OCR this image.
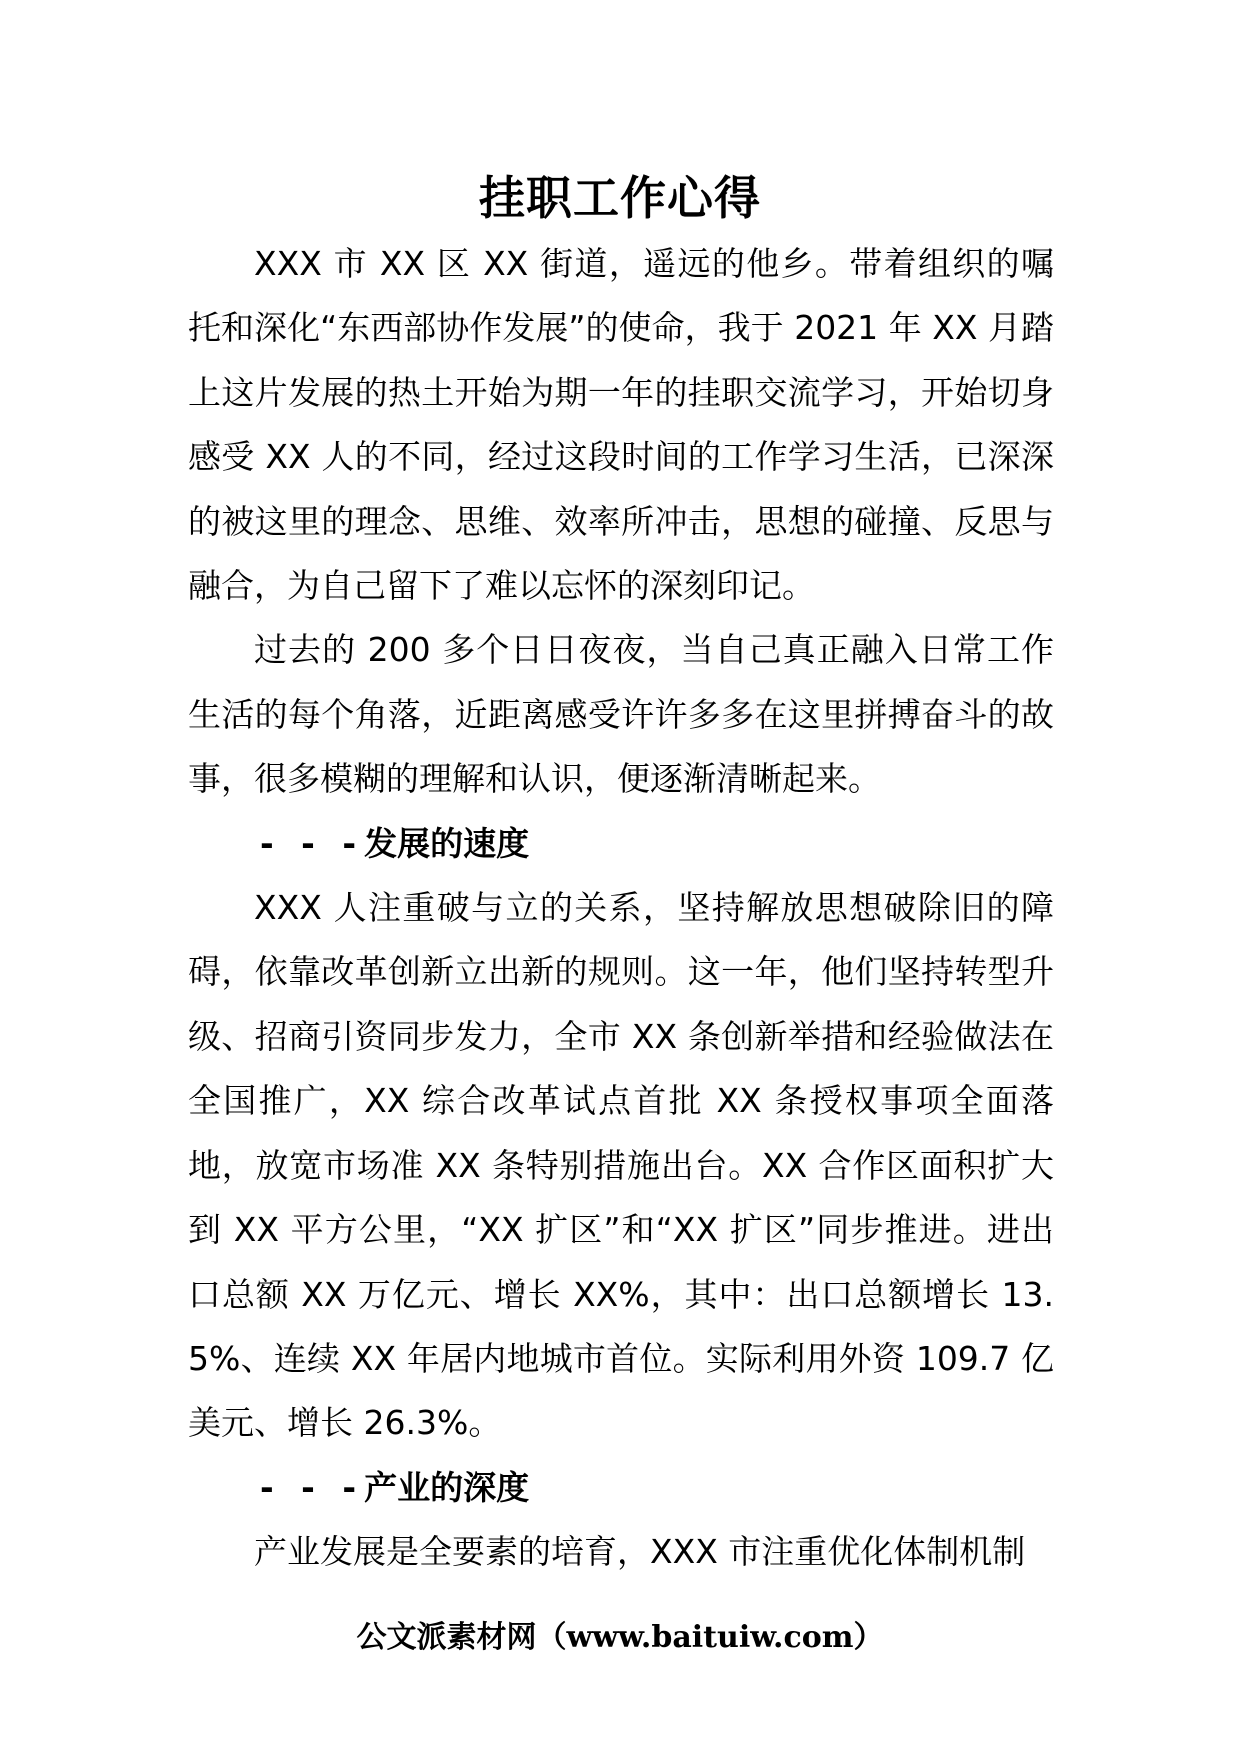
挂职工作心得

XXX 市 XX 区 XX 街道，遥远的他乡。带着组织的嘱托和深化“东西部协作发展”的使命，我于 2021 年 XX 月踏上这片发展的热土开始为期一年的挂职交流学习，开始切身感受 XX 人的不同，经过这段时间的工作学习生活，已深深的被这里的理念、思维、效率所冲击，思想的碰撞、反思与融合，为自己留下了难以忘怀的深刻印记。

过去的 200 多个日日夜夜，当自己真正融入日常工作生活的每个角落，近距离感受许许多多在这里拼搏奋斗的故事，很多模糊的理解和认识，便逐渐清晰起来。

- - -发展的速度

XXX 人注重破与立的关系，坚持解放思想破除旧的障碍，依靠改革创新立出新的规则。这一年，他们坚持转型升级、招商引资同步发力，全市 XX 条创新举措和经验做法在全国推广，XX 综合改革试点首批 XX 条授权事项全面落地，放宽市场准 XX 条特别措施出台。XX 合作区面积扩大到 XX 平方公里，“XX 扩区”和“XX 扩区”同步推进。进出口总额 XX 万亿元、增长 XX%，其中：出口总额增长 13.5%、连续 XX 年居内地城市首位。实际利用外资 109.7 亿美元、增长 26.3%。

- - -产业的深度

产业发展是全要素的培育，XXX 市注重优化体制机制

公文派素材网（www.baituiw.com）
